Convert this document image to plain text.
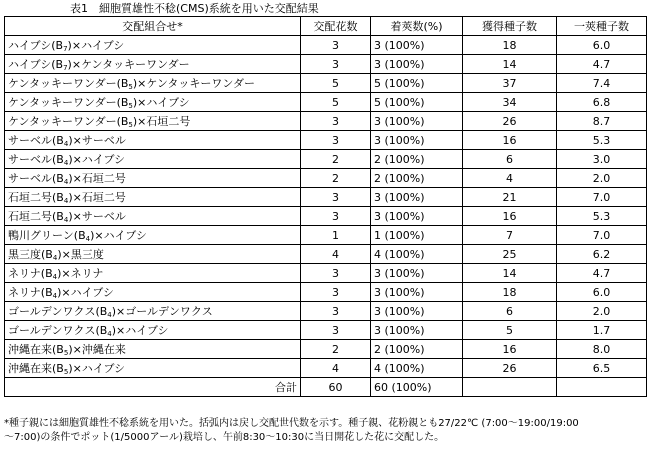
表1　細胞質雄性不稔(CMS)系統を用いた交配結果
交配組合せ*	交配花数	着莢数(%)	獲得種子数	一莢種子数
ハイブシ$(B_7)\times$ハイブシ	3	3 (100%)	18	6.0
ハイブシ$(B_7)\times$ケンタッキーワンダー	3	3 (100%)	14	4.7
ケンタッキーワンダー$(B_5)\times$ケンタッキーワンダー	5	5 (100%)	37	7.4
ケンタッキーワンダー$(B_5)\times$ハイブシ	5	5 (100%)	34	6.8
ケンタッキーワンダー$(B_5)\times$石垣二号	3	3 (100%)	26	8.7
サーベル$(B_4)\times$サーベル	3	3 (100%)	16	5.3
サーベル$(B_4)\times$ハイブシ	2	2 (100%)	6	3.0
サーベル$(B_4)\times$石垣二号	2	2 (100%)	4	2.0
石垣二号$(B_4)\times$石垣二号	3	3 (100%)	21	7.0
石垣二号$(B_4)\times$サーベル	3	3 (100%)	16	5.3
鴨川グリーン$(B_4)\times$ハイブシ	1	1 (100%)	7	7.0
黒三度$(B_4)\times$黒三度	4	4 (100%)	25	6.2
ネリナ$(B_4)\times$ネリナ	3	3 (100%)	14	4.7
ネリナ$(B_4)\times$ハイブシ	3	3 (100%)	18	6.0
ゴールデンワクス$(B_4)\times$ゴールデンワクス	3	3 (100%)	6	2.0
ゴールデンワクス$(B_4)\times$ハイブシ	3	3 (100%)	5	1.7
沖縄在来$(B_5)\times$沖縄在来	2	2 (100%)	16	8.0
沖縄在来$(B_5)\times$ハイブシ	4	4 (100%)	26	6.5
合計	60	60 (100%)		
*種子親には細胞質雄性不稔系統を用いた。括弧内は戻し交配世代数を示す。種子親、花粉親とも27/22℃ (7:00～19:00/19:00
～7:00)の条件でポット(1/5000アール)栽培し、午前8:30～10:30に当日開花した花に交配した。
